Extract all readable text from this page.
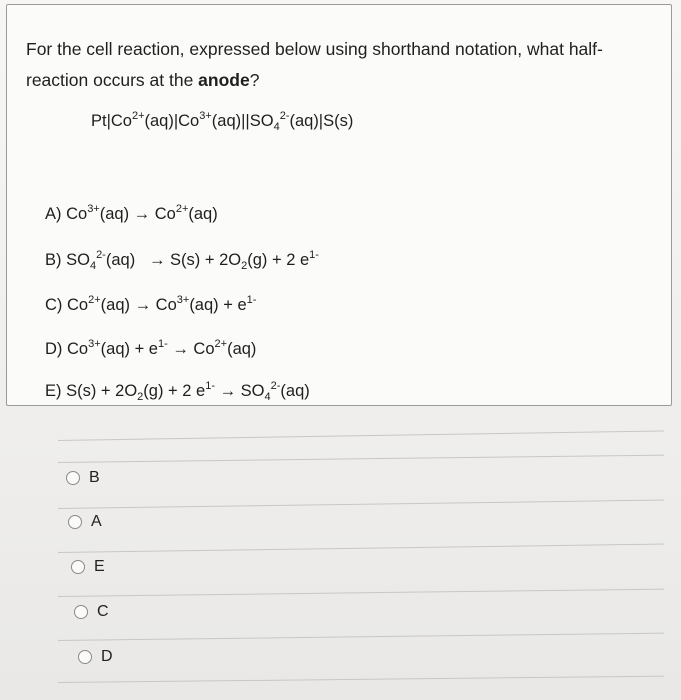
For the cell reaction, expressed below using shorthand notation, what half-reaction occurs at the anode?
$Pt|Co^{2+}(aq)|Co^{3+}(aq)||SO_4^{2-}(aq)|S(s)$
A) $Co^{3+}(aq) \to Co^{2+}(aq)$
B) $SO_4^{2-}(aq) \to S(s) + 2O_2(g) + 2$ $e^{1-}$
C) $Co^{2+}(aq) \to Co^{3+}(aq) + e^{1-}$
D) $Co^{3+}(aq) + e^{1-} \to Co^{2+}(aq)$
E) $S(s) + 2O_2(g) + 2$ $e^{1-} \to SO_4^{2-}(aq)$
B
A
E
C
D
